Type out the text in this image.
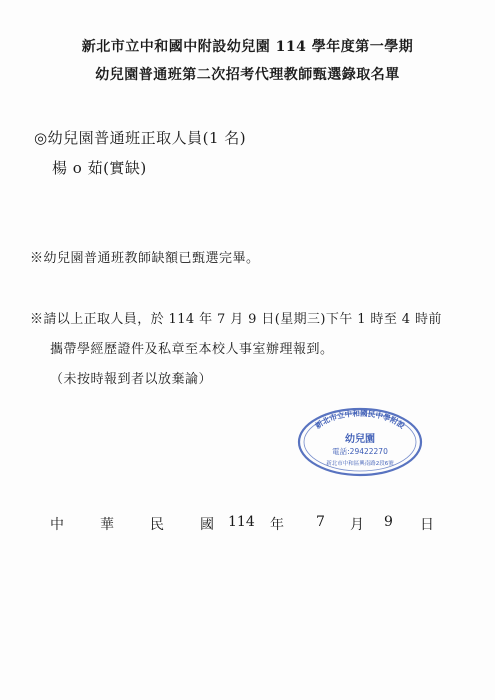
新北市立中和國中附設幼兒園 114 學年度第一學期
幼兒園普通班第二次招考代理教師甄選錄取名單
◎幼兒園普通班正取人員(1 名)
楊 o 茹(實缺)
※幼兒園普通班教師缺額已甄選完畢。
※請以上正取人員，於 114 年 7 月 9 日(星期三)下午 1 時至 4 時前
攜帶學經歷證件及私章至本校人事室辦理報到。
（未按時報到者以放棄論）
新北市立中和國民中學附設
幼兒園
電話:29422270
新北市中和區興南路2段6號
中	華	民	國 114 年 7 月 9 日
